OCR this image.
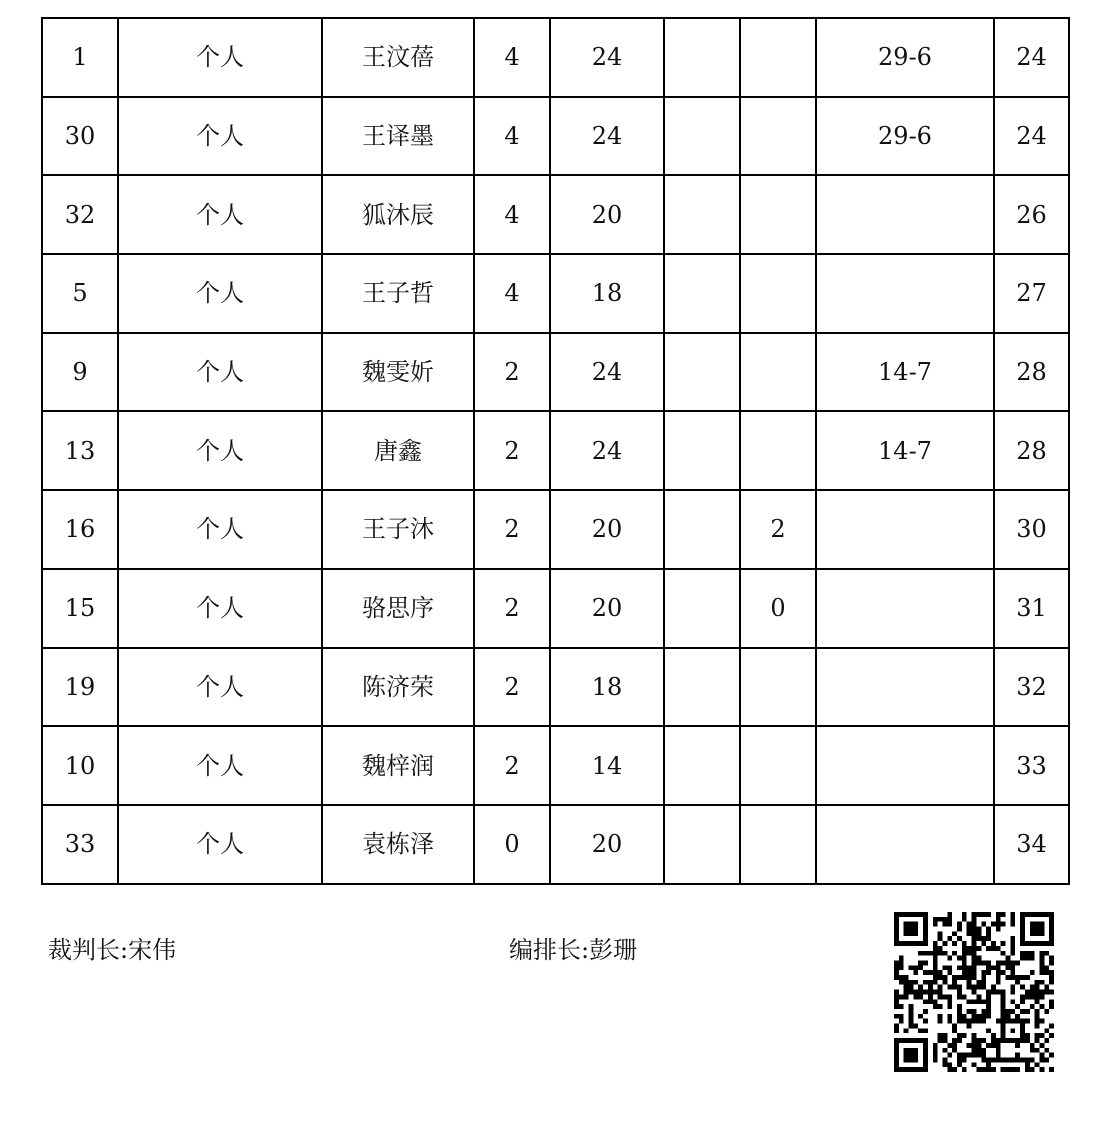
1	个人	王汶蓓	4	24			29-6	24
30	个人	王译墨	4	24			29-6	24
32	个人	狐沐辰	4	20				26
5	个人	王子哲	4	18				27
9	个人	魏雯妡	2	24			14-7	28
13	个人	唐鑫	2	24			14-7	28
16	个人	王子沐	2	20		2		30
15	个人	骆思序	2	20		0		31
19	个人	陈济荣	2	18				32
10	个人	魏梓润	2	14				33
33	个人	袁栋泽	0	20				34
裁判长:宋伟	编排长:彭珊
